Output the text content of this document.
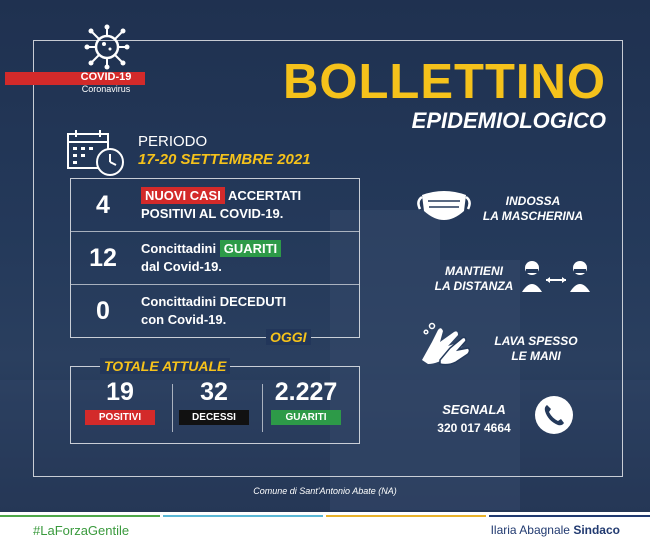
COVID-19
Coronavirus	BOLLETTINO
EPIDEMIOLOGICO
PERIODO
17-20 SETTEMBRE 2021
4	NUOVI CASI ACCERTATI
POSITIVI AL COVID-19.
12	Concittadini GUARITI
dal Covid-19.
0	Concittadini DECEDUTI
con Covid-19.
OGGI
TOTALE ATTUALE
19
POSITIVI
32
DECESSI
2.227
GUARITI
INDOSSA
LA MASCHERINA
MANTIENI
LA DISTANZA
LAVA SPESSO
LE MANI
SEGNALA
320 017 4664
Comune di Sant'Antonio Abate (NA)
#LaForzaGentile	Ilaria Abagnale Sindaco
